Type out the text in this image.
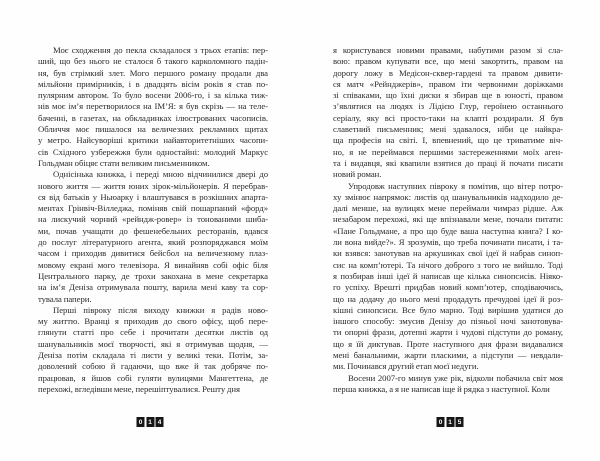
Моє сходження до пекла складалося з трьох етапів: пер-
ший, що без нього не сталося б такого карколомного падін-
ня, був стрімкий злет. Мого першого роману продали два
мільйони примірників, і в двадцять вісім років я став по-
пулярним автором. То було восени 2006-го, і за кілька тиж-
нів моє ім’я перетворилося на ІМ’Я: я був скрізь — на теле-
баченні, в газетах, на обкладинках ілюстрованих часописів.
Обличчя моє пишалося на величезних рекламних щитах
у метро. Найсуворіші критики найавторитетніших часопи-
сів Східного узбережжя були одностайні: молодий Маркус
Гольдман обіцяє стати великим письменником.
Однісінька книжка, і переді мною відчинилися двері до
нового життя — життя юних зірок-мільйонерів. Я перебрав-
ся від батьків у Ньюарку і влаштувався в розкішних апарта-
ментах Грінвіч-Вілледжа, поміняв свій пошарпаний «форд»
на лискучий чорний «рейндж-ровер» із тонованими шиба-
ми, почав учащати до фешенебельних ресторанів, вдався
до послуг літературного агента, який розпоряджався моїм
часом і приходив дивитися бейсбол на величезному плаз-
мовому екрані мого телевізора. Я винайняв собі офіс біля
Центрального парку, де трохи закохана в мене секретарка
на ім’я Деніза отримувала пошту, варила мені каву та сор-
тувала папери.
Перші півроку після виходу книжки я радів ново-
му життю. Вранці я приходив до свого офісу, щоб пере-
глянути статті про себе і прочитати десятки листів од
шанувальників моєї творчості, які я отримував щодня, —
Деніза потім складала ті листи у великі теки. Потім, за-
доволений собою й гадаючи, що вже й так добряче по-
працював, я йшов собі гуляти вулицями Мангеттена, де
перехожі, вгледівши мене, перешіптувалися. Решту дня
0 1 4
я користувався новими правами, набутими разом зі сла-
вою: правом купувати все, що мені закортить, правом на
дорогу ложу в Медісон-сквер-гардені та правом дивити-
ся матч «Рейнджерів», правом іти червоними доріжками
зі співаками, що їхні диски я збирав ще в юності, правом
з’являтися на людях із Лідією Глур, героїнею останнього
серіалу, яку всі просто-таки на клапті роздирали. Я був
славетний письменник; мені здавалося, ніби це найкра-
ща професія на світі. І, впевнений, що це триватиме віч-
но, я не переймався першими застереженнями моїх аген-
та і видавця, які квапили взятися до праці й почати писати
новий роман.
Упродовж наступних півроку я помітив, що вітер потро-
ху змінює напрямок: листів од шанувальників надходило де-
далі менше, на вулицях мене переймали чимраз рідше. Аж
незабаром перехожі, які ще впізнавали мене, почали питати:
«Пане Гольдмане, а про що буде ваша наступна книга? І ко-
ли вона вийде?». Я зрозумів, що треба починати писати, і та-
ки взявся: занотував на аркушиках свої ідеї й набрав синоп-
сис на комп’ютері. Та нічого доброго з того не вийшло. Тоді
я позбирав інші ідеї й написав ще кілька синопсисів. Ніяко-
го успіху. Врешті придбав новий комп’ютер, сподіваючись,
що на додачу до нього мені продадуть пречудові ідеї й роз-
кішні синопсиси. Все було марно. Тоді вирішив удатися до
іншого способу: змусив Денізу до пізньої ночі занотовува-
ти опорні фрази, дотепні жарти і чудові підступи до роману,
що я їй диктував. Проте наступного дня фрази видавалися
мені банальними, жарти пласкими, а підступи — невдали-
ми. Починався другий етап моєї недуги.
Восени 2007-го минув уже рік, відколи побачила світ моя
перша книжка, а я не написав іще й рядка з наступної. Коли
0 1 5
